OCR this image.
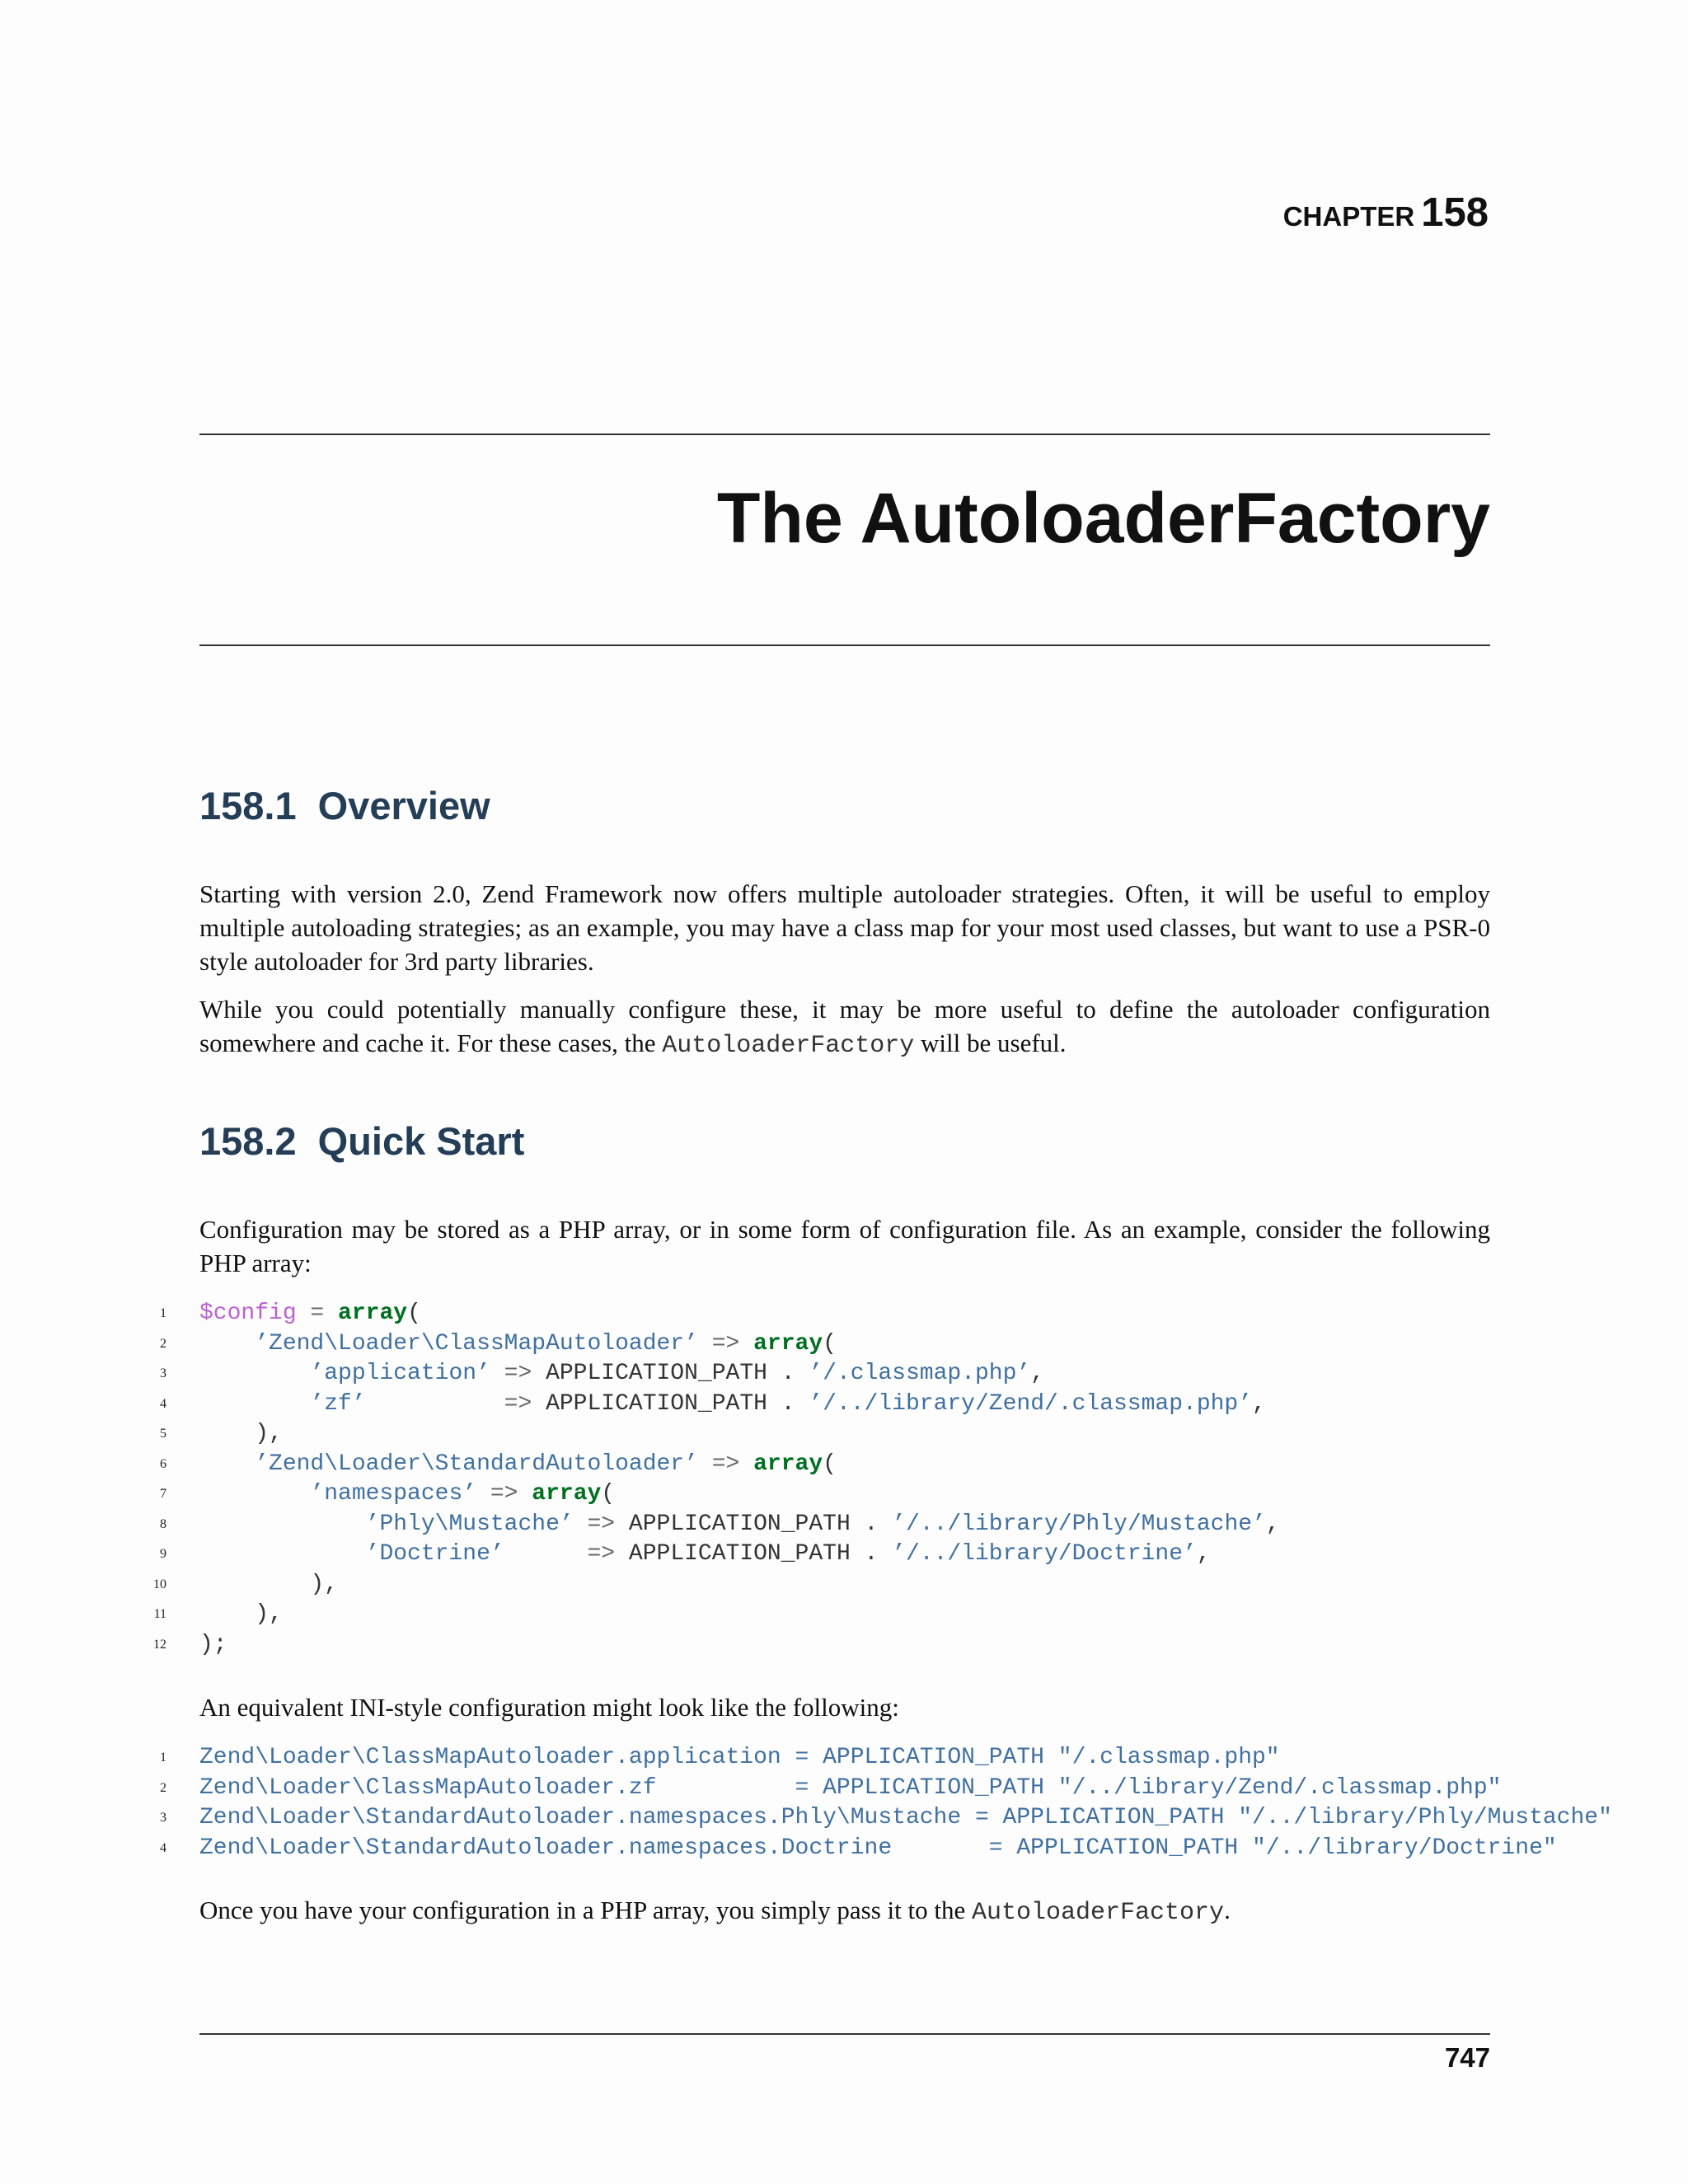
CHAPTER 158
The AutoloaderFactory
158.1 Overview

Starting with version 2.0, Zend Framework now offers multiple autoloader strategies. Often, it will be useful to employ multiple autoloading strategies; as an example, you may have a class map for your most used classes, but want to use a PSR-0 style autoloader for 3rd party libraries.

While you could potentially manually configure these, it may be more useful to define the autoloader configuration somewhere and cache it. For these cases, the AutoloaderFactory will be useful.

158.2 Quick Start

Configuration may be stored as a PHP array, or in some form of configuration file. As an example, consider the following PHP array:

1 $config = array(
2	’Zend\Loader\ClassMapAutoloader’ => array(
3	’application’ => APPLICATION_PATH . ’/.classmap.php’,
4	’zf’          => APPLICATION_PATH . ’/../library/Zend/.classmap.php’,
5 ),
6	’Zend\Loader\StandardAutoloader’ => array(
7	’namespaces’ => array(
8	’Phly\Mustache’ => APPLICATION_PATH . ’/../library/Phly/Mustache’,
9	’Doctrine’      => APPLICATION_PATH . ’/../library/Doctrine’,
10 ),
11 ),
12 );

An equivalent INI-style configuration might look like the following:

1 Zend\Loader\ClassMapAutoloader.application = APPLICATION_PATH "/.classmap.php"
2 Zend\Loader\ClassMapAutoloader.zf          = APPLICATION_PATH "/../library/Zend/.classmap.php"
3 Zend\Loader\StandardAutoloader.namespaces.Phly\Mustache = APPLICATION_PATH "/../library/Phly/Mustache"
4 Zend\Loader\StandardAutoloader.namespaces.Doctrine       = APPLICATION_PATH "/../library/Doctrine"

Once you have your configuration in a PHP array, you simply pass it to the AutoloaderFactory.

747
